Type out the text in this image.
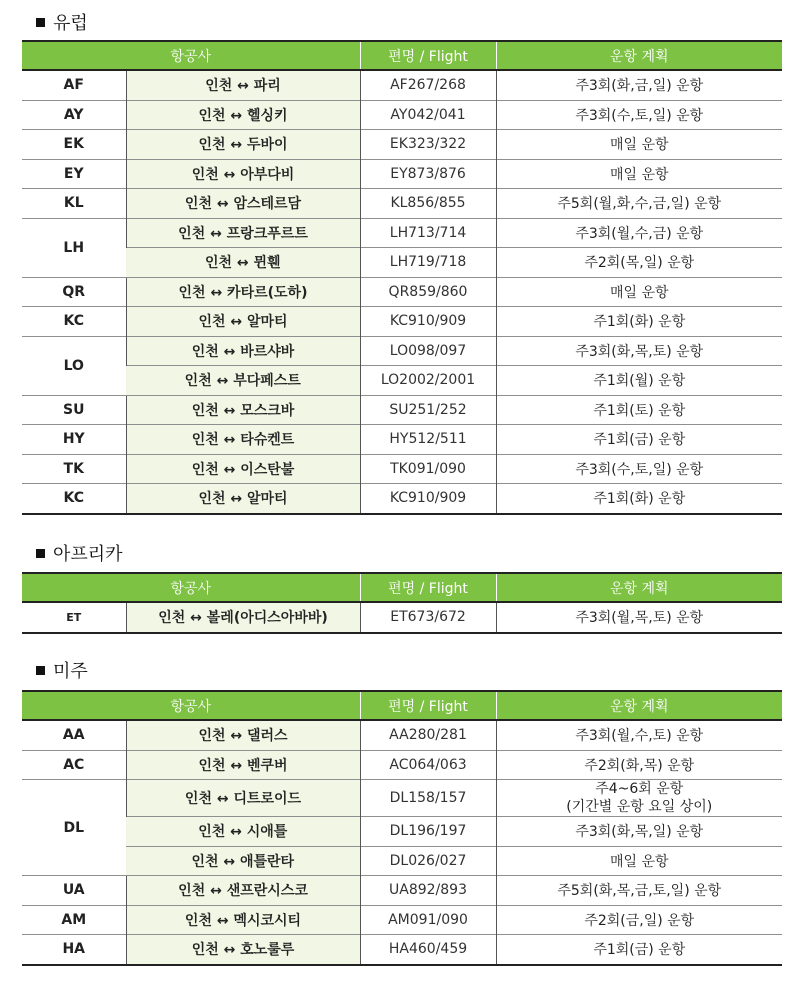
유럽
항공사		편명 / Flight	운항 계획
AF	인천 ↔ 파리	AF267/268	주3회(화,금,일) 운항
AY	인천 ↔ 헬싱키	AY042/041	주3회(수,토,일) 운항
EK	인천 ↔ 두바이	EK323/322	매일 운항
EY	인천 ↔ 아부다비	EY873/876	매일 운항
KL	인천 ↔ 암스테르담	KL856/855	주5회(월,화,수,금,일) 운항
LH	인천 ↔ 프랑크푸르트	LH713/714	주3회(월,수,금) 운항
	인천 ↔ 뮌휀	LH719/718	주2회(목,일) 운항
QR	인천 ↔ 카타르(도하)	QR859/860	매일 운항
KC	인천 ↔ 알마티	KC910/909	주1회(화) 운항
LO	인천 ↔ 바르샤바	LO098/097	주3회(화,목,토) 운항
	인천 ↔ 부다페스트	LO2002/2001	주1회(월) 운항
SU	인천 ↔ 모스크바	SU251/252	주1회(토) 운항
HY	인천 ↔ 타슈켄트	HY512/511	주1회(금) 운항
TK	인천 ↔ 이스탄불	TK091/090	주3회(수,토,일) 운항
KC	인천 ↔ 알마티	KC910/909	주1회(화) 운항
아프리카
항공사		편명 / Flight	운항 계획
ET	인천 ↔ 볼레(아디스아바바)	ET673/672	주3회(월,목,토) 운항
미주
항공사		편명 / Flight	운항 계획
AA	인천 ↔ 댈러스	AA280/281	주3회(월,수,토) 운항
AC	인천 ↔ 벤쿠버	AC064/063	주2회(화,목) 운항
DL	인천 ↔ 디트로이드	DL158/157	주4~6회 운항
(기간별 운항 요일 상이)

	인천 ↔ 시애틀	DL196/197	주3회(화,목,일) 운항
	인천 ↔ 애틀란타	DL026/027	매일 운항
UA	인천 ↔ 샌프란시스코	UA892/893	주5회(화,목,금,토,일) 운항
AM	인천 ↔ 멕시코시티	AM091/090	주2회(금,일) 운항
HA	인천 ↔ 호노룰루	HA460/459	주1회(금) 운항
